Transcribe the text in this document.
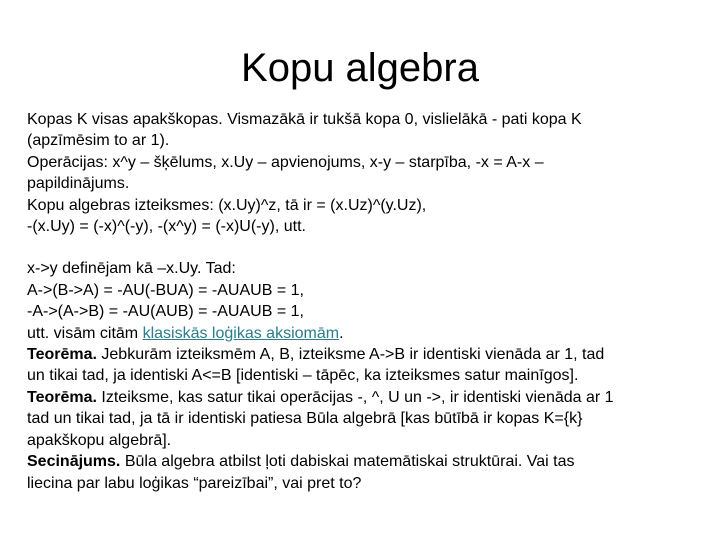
Kopu algebra

Kopas K visas apakškopas. Vismazākā ir tukšā kopa 0, vislielākā - pati kopa K
(apzīmēsim to ar 1).
Operācijas: x^y – šķēlums, x.Uy – apvienojums, x-y – starpība, -x = A-x –
papildinājums.
Kopu algebras izteiksmes: (x.Uy)^z, tā ir = (x.Uz)^(y.Uz),
-(x.Uy) = (-x)^(-y), -(x^y) = (-x)U(-y), utt.

x->y definējam kā –x.Uy. Tad:
A->(B->A) = -AU(-BUA) = -AUAUB = 1,
-A->(A->B) = -AU(AUB) = -AUAUB = 1,
utt. visām citām klasiskās loģikas aksiomām.
Teorēma. Jebkurām izteiksmēm A, B, izteiksme A->B ir identiski vienāda ar 1, tad
un tikai tad, ja identiski A<=B [identiski – tāpēc, ka izteiksmes satur mainīgos].
Teorēma. Izteiksme, kas satur tikai operācijas -, ^, U un ->, ir identiski vienāda ar 1
tad un tikai tad, ja tā ir identiski patiesa Būla algebrā [kas būtībā ir kopas K={k}
apakškopu algebrā].
Secinājums. Būla algebra atbilst ļoti dabiskai matemātiskai struktūrai. Vai tas
liecina par labu loģikas “pareizībai”, vai pret to?
